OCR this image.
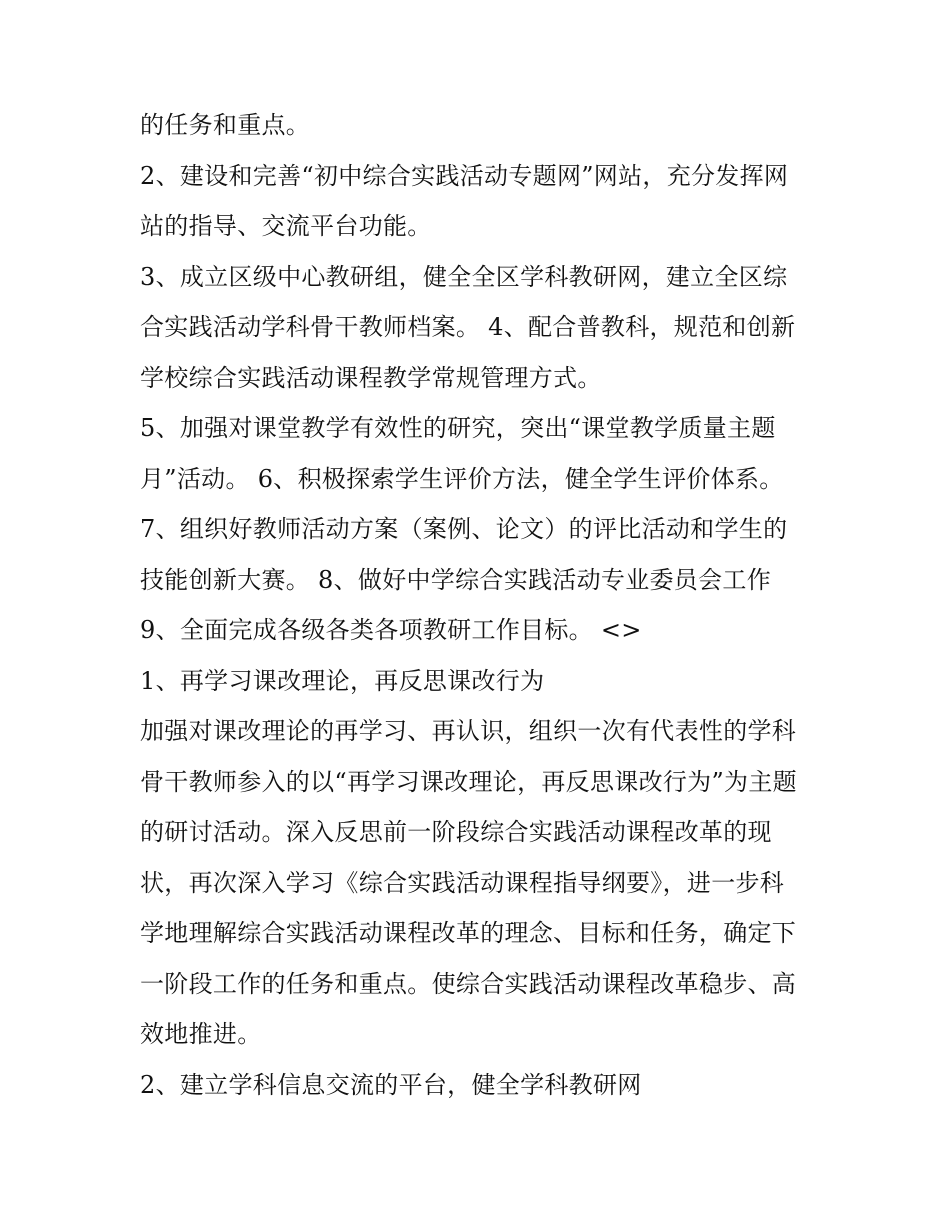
的任务和重点。
2、建设和完善“初中综合实践活动专题网”网站，充分发挥网
站的指导、交流平台功能。
3、成立区级中心教研组，健全全区学科教研网，建立全区综
合实践活动学科骨干教师档案。 4、配合普教科，规范和创新
学校综合实践活动课程教学常规管理方式。
5、加强对课堂教学有效性的研究，突出“课堂教学质量主题
月”活动。 6、积极探索学生评价方法，健全学生评价体系。
7、组织好教师活动方案（案例、论文）的评比活动和学生的
技能创新大赛。 8、做好中学综合实践活动专业委员会工作
9、全面完成各级各类各项教研工作目标。 <>
1、再学习课改理论，再反思课改行为
加强对课改理论的再学习、再认识，组织一次有代表性的学科
骨干教师参入的以“再学习课改理论，再反思课改行为”为主题
的研讨活动。深入反思前一阶段综合实践活动课程改革的现
状，再次深入学习《综合实践活动课程指导纲要》，进一步科
学地理解综合实践活动课程改革的理念、目标和任务，确定下
一阶段工作的任务和重点。使综合实践活动课程改革稳步、高
效地推进。
2、建立学科信息交流的平台，健全学科教研网
